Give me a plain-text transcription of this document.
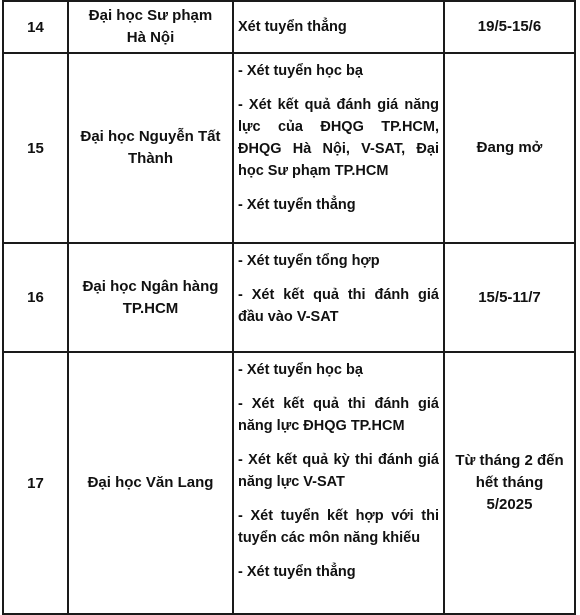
14	Đại học Sư phạm Hà Nội	Xét tuyển thẳng	19/5-15/6
15	Đại học Nguyễn Tất Thành	- Xét tuyển học bạ

- Xét kết quả đánh giá năng lực của ĐHQG TP.HCM, ĐHQG Hà Nội, V-SAT, Đại học Sư phạm TP.HCM

- Xét tuyển thẳng	Đang mở
16	Đại học Ngân hàng TP.HCM	- Xét tuyển tổng hợp

- Xét kết quả thi đánh giá đầu vào V-SAT	15/5-11/7
17	Đại học Văn Lang	- Xét tuyển học bạ

- Xét kết quả thi đánh giá năng lực ĐHQG TP.HCM

- Xét kết quả kỳ thi đánh giá năng lực V-SAT

- Xét tuyển kết hợp với thi tuyển các môn năng khiếu

- Xét tuyển thẳng	Từ tháng 2 đến hết tháng 5/2025
